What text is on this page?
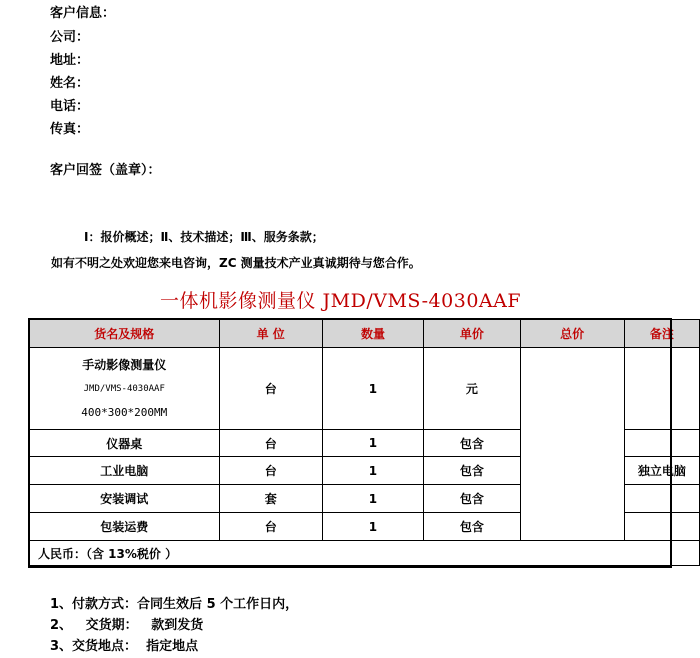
客户信息：
公司：
地址：
姓名：
电话：
传真：
客户回签（盖章）：
Ⅰ：报价概述；Ⅱ、技术描述；Ⅲ、服务条款；
如有不明之处欢迎您来电咨询，ZC 测量技术产业真诚期待与您合作。
一体机影像测量仪 JMD/VMS-4030AAF
货名及规格	单 位	数量	单价	总价	备注

手动影像测量仪
JMD/VMS-4030AAF
400*300*200MM	台	1	元		
仪器桌	台	1	包含		
工业电脑	台	1	包含		独立电脑
安装调试	套	1	包含		
包装运费	台	1	包含		
人民币：（含 13%税价 ）					
1、付款方式：合同生效后 5 个工作日内，
2、   交货期：   款到发货
3、交货地点：  指定地点
